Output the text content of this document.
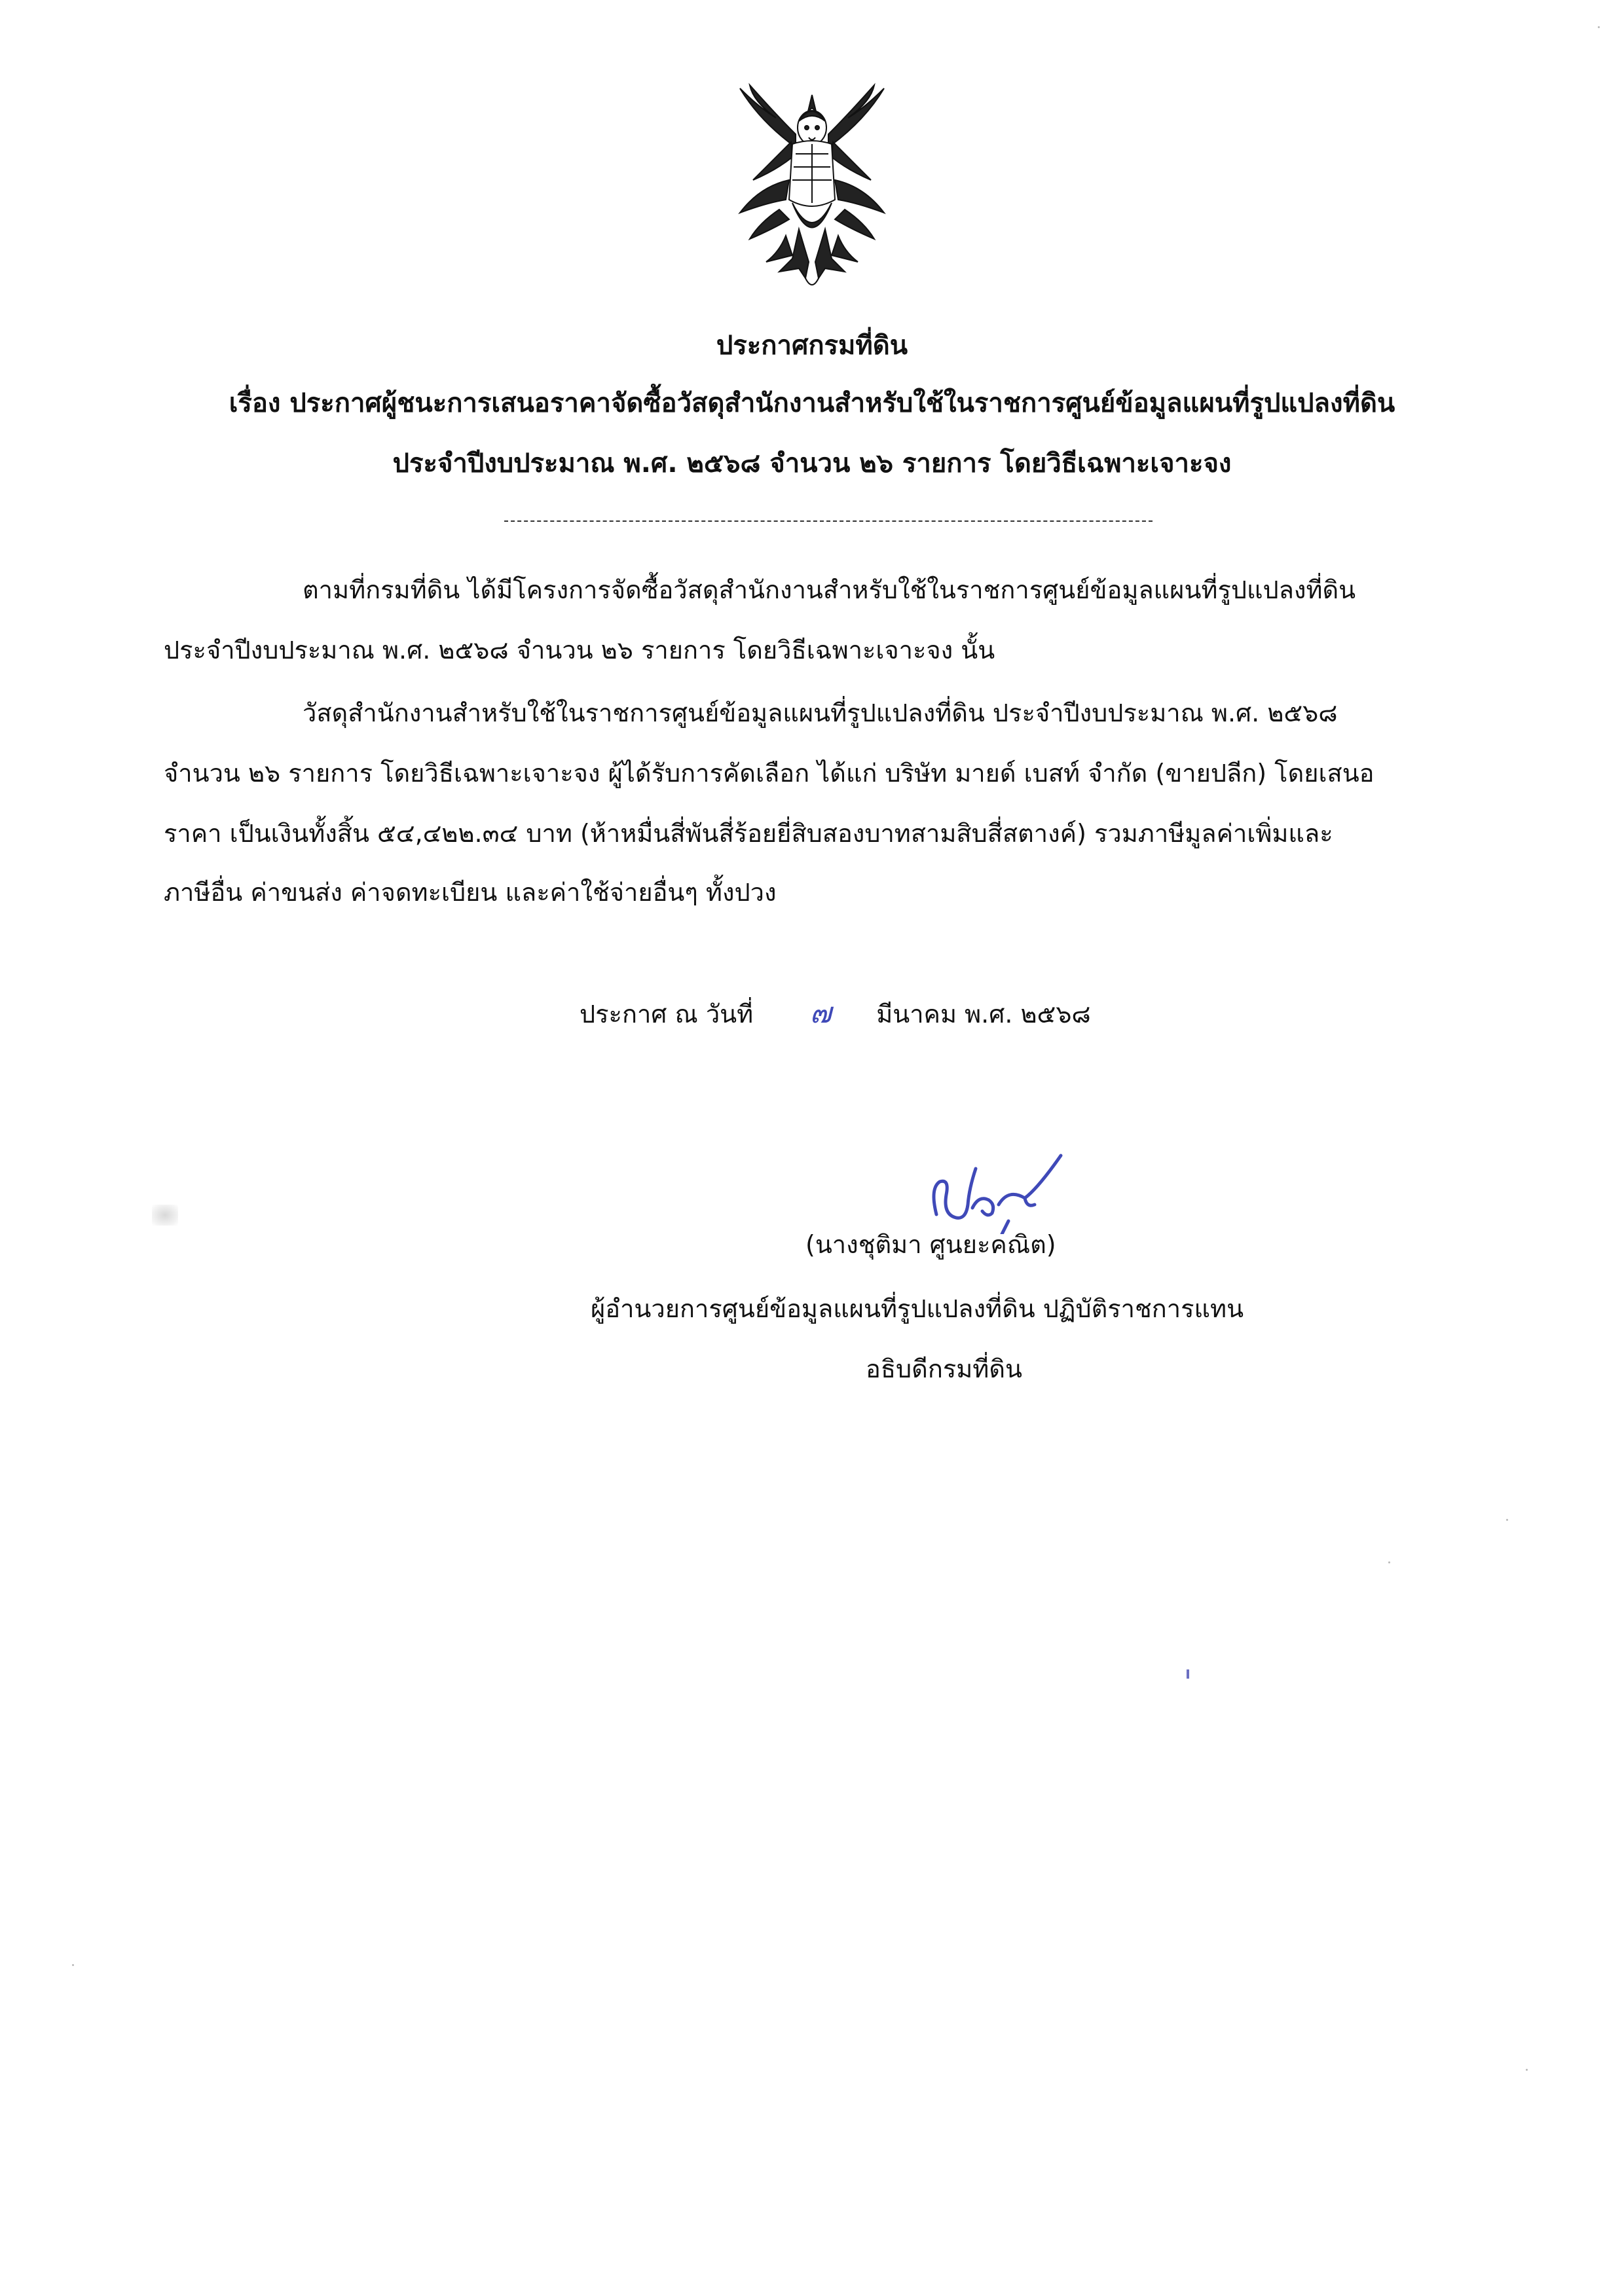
ประกาศกรมที่ดิน
เรื่อง ประกาศผู้ชนะการเสนอราคาจัดซื้อวัสดุสำนักงานสำหรับใช้ในราชการศูนย์ข้อมูลแผนที่รูปแปลงที่ดิน
ประจำปีงบประมาณ พ.ศ. ๒๕๖๘ จำนวน ๒๖ รายการ โดยวิธีเฉพาะเจาะจง
ตามที่กรมที่ดิน ได้มีโครงการจัดซื้อวัสดุสำนักงานสำหรับใช้ในราชการศูนย์ข้อมูลแผนที่รูปแปลงที่ดิน
ประจำปีงบประมาณ พ.ศ. ๒๕๖๘ จำนวน ๒๖ รายการ โดยวิธีเฉพาะเจาะจง นั้น
วัสดุสำนักงานสำหรับใช้ในราชการศูนย์ข้อมูลแผนที่รูปแปลงที่ดิน ประจำปีงบประมาณ พ.ศ. ๒๕๖๘
จำนวน ๒๖ รายการ โดยวิธีเฉพาะเจาะจง ผู้ได้รับการคัดเลือก ได้แก่ บริษัท มายด์ เบสท์ จำกัด (ขายปลีก) โดยเสนอ
ราคา เป็นเงินทั้งสิ้น ๕๔,๔๒๒.๓๔ บาท (ห้าหมื่นสี่พันสี่ร้อยยี่สิบสองบาทสามสิบสี่สตางค์) รวมภาษีมูลค่าเพิ่มและ
ภาษีอื่น ค่าขนส่ง ค่าจดทะเบียน และค่าใช้จ่ายอื่นๆ ทั้งปวง
ประกาศ ณ วันที่ ๗ มีนาคม พ.ศ. ๒๕๖๘
(นางชุติมา ศูนยะคณิต)
ผู้อำนวยการศูนย์ข้อมูลแผนที่รูปแปลงที่ดิน ปฏิบัติราชการแทน
อธิบดีกรมที่ดิน
